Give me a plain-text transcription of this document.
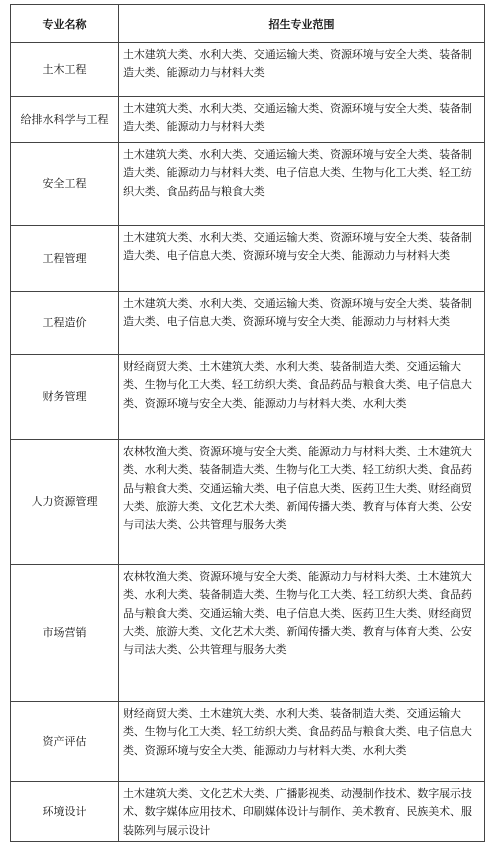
专业名称	招生专业范围
土木工程	土木建筑大类、水利大类、交通运输大类、资源环境与安全大类、装备制造大类、能源动力与材料大类
给排水科学与工程	土木建筑大类、水利大类、交通运输大类、资源环境与安全大类、装备制造大类、能源动力与材料大类
安全工程	土木建筑大类、水利大类、交通运输大类、资源环境与安全大类、装备制造大类、能源动力与材料大类、电子信息大类、生物与化工大类、轻工纺织大类、食品药品与粮食大类
工程管理	土木建筑大类、水利大类、交通运输大类、资源环境与安全大类、装备制造大类、电子信息大类、资源环境与安全大类、能源动力与材料大类
工程造价	土木建筑大类、水利大类、交通运输大类、资源环境与安全大类、装备制造大类、电子信息大类、资源环境与安全大类、能源动力与材料大类
财务管理	财经商贸大类、土木建筑大类、水利大类、装备制造大类、交通运输大类、生物与化工大类、轻工纺织大类、食品药品与粮食大类、电子信息大类、资源环境与安全大类、能源动力与材料大类、水利大类
人力资源管理	农林牧渔大类、资源环境与安全大类、能源动力与材料大类、土木建筑大类、水利大类、装备制造大类、生物与化工大类、轻工纺织大类、食品药品与粮食大类、交通运输大类、电子信息大类、医药卫生大类、财经商贸大类、旅游大类、文化艺术大类、新闻传播大类、教育与体育大类、公安与司法大类、公共管理与服务大类
市场营销	农林牧渔大类、资源环境与安全大类、能源动力与材料大类、土木建筑大类、水利大类、装备制造大类、生物与化工大类、轻工纺织大类、食品药品与粮食大类、交通运输大类、电子信息大类、医药卫生大类、财经商贸大类、旅游大类、文化艺术大类、新闻传播大类、教育与体育大类、公安与司法大类、公共管理与服务大类
资产评估	财经商贸大类、土木建筑大类、水利大类、装备制造大类、交通运输大类、生物与化工大类、轻工纺织大类、食品药品与粮食大类、电子信息大类、资源环境与安全大类、能源动力与材料大类、水利大类
环境设计	土木建筑大类、文化艺术大类、广播影视类、动漫制作技术、数字展示技术、数字媒体应用技术、印刷媒体设计与制作、美术教育、民族美术、服装陈列与展示设计
